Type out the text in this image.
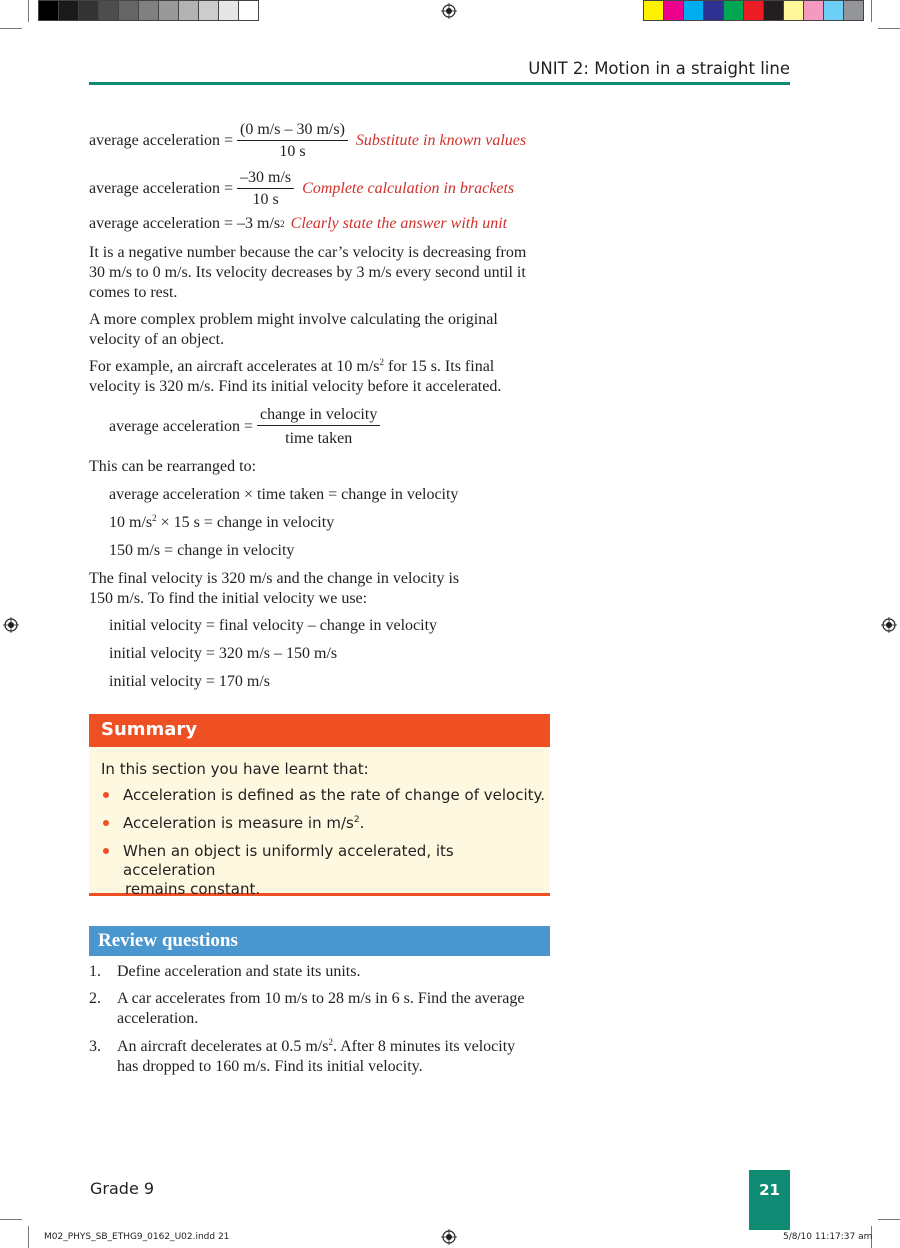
UNIT 2: Motion in a straight line
average acceleration = $\frac{(0 m/s - 30 m/s)}{10 s}$ Substitute in known values
average acceleration = $\frac{-30 m/s}{10 s}$ Complete calculation in brackets
average acceleration = –3 m/s 2 Clearly state the answer with unit
It is a negative number because the car’s velocity is decreasing from
30 m/s to 0 m/s. Its velocity decreases by 3 m/s every second until it
comes to rest.
A more complex problem might involve calculating the original
velocity of an object.
For example, an aircraft accelerates at 10 $m/s^2$ for 15 s. Its final
velocity is 320 m/s. Find its initial velocity before it accelerated.
average acceleration = $\frac{\text{change in velocity}}{\text{time taken}}$
This can be rearranged to:
average acceleration × time taken = change in velocity
10 $m/s^2 \times 15$ s = change in velocity
150 m/s = change in velocity
The final velocity is 320 m/s and the change in velocity is
150 m/s. To find the initial velocity we use:
initial velocity = final velocity – change in velocity
initial velocity = 320 m/s – 150 m/s
initial velocity = 170 m/s
Summary
In this section you have learnt that:
Acceleration is defined as the rate of change of velocity.
Acceleration is measure in $m/s^2$.
When an object is uniformly accelerated, its acceleration
remains constant.
Review questions
1. Define acceleration and state its units.
2. A car accelerates from 10 m/s to 28 m/s in 6 s. Find the average
acceleration.
3. An aircraft decelerates at 0.5 $m/s^2$. After 8 minutes its velocity
has dropped to 160 m/s. Find its initial velocity.
Grade 9	21
M02_PHYS_SB_ETHG9_0162_U02.indd 21	5/8/10 11:17:37 am
